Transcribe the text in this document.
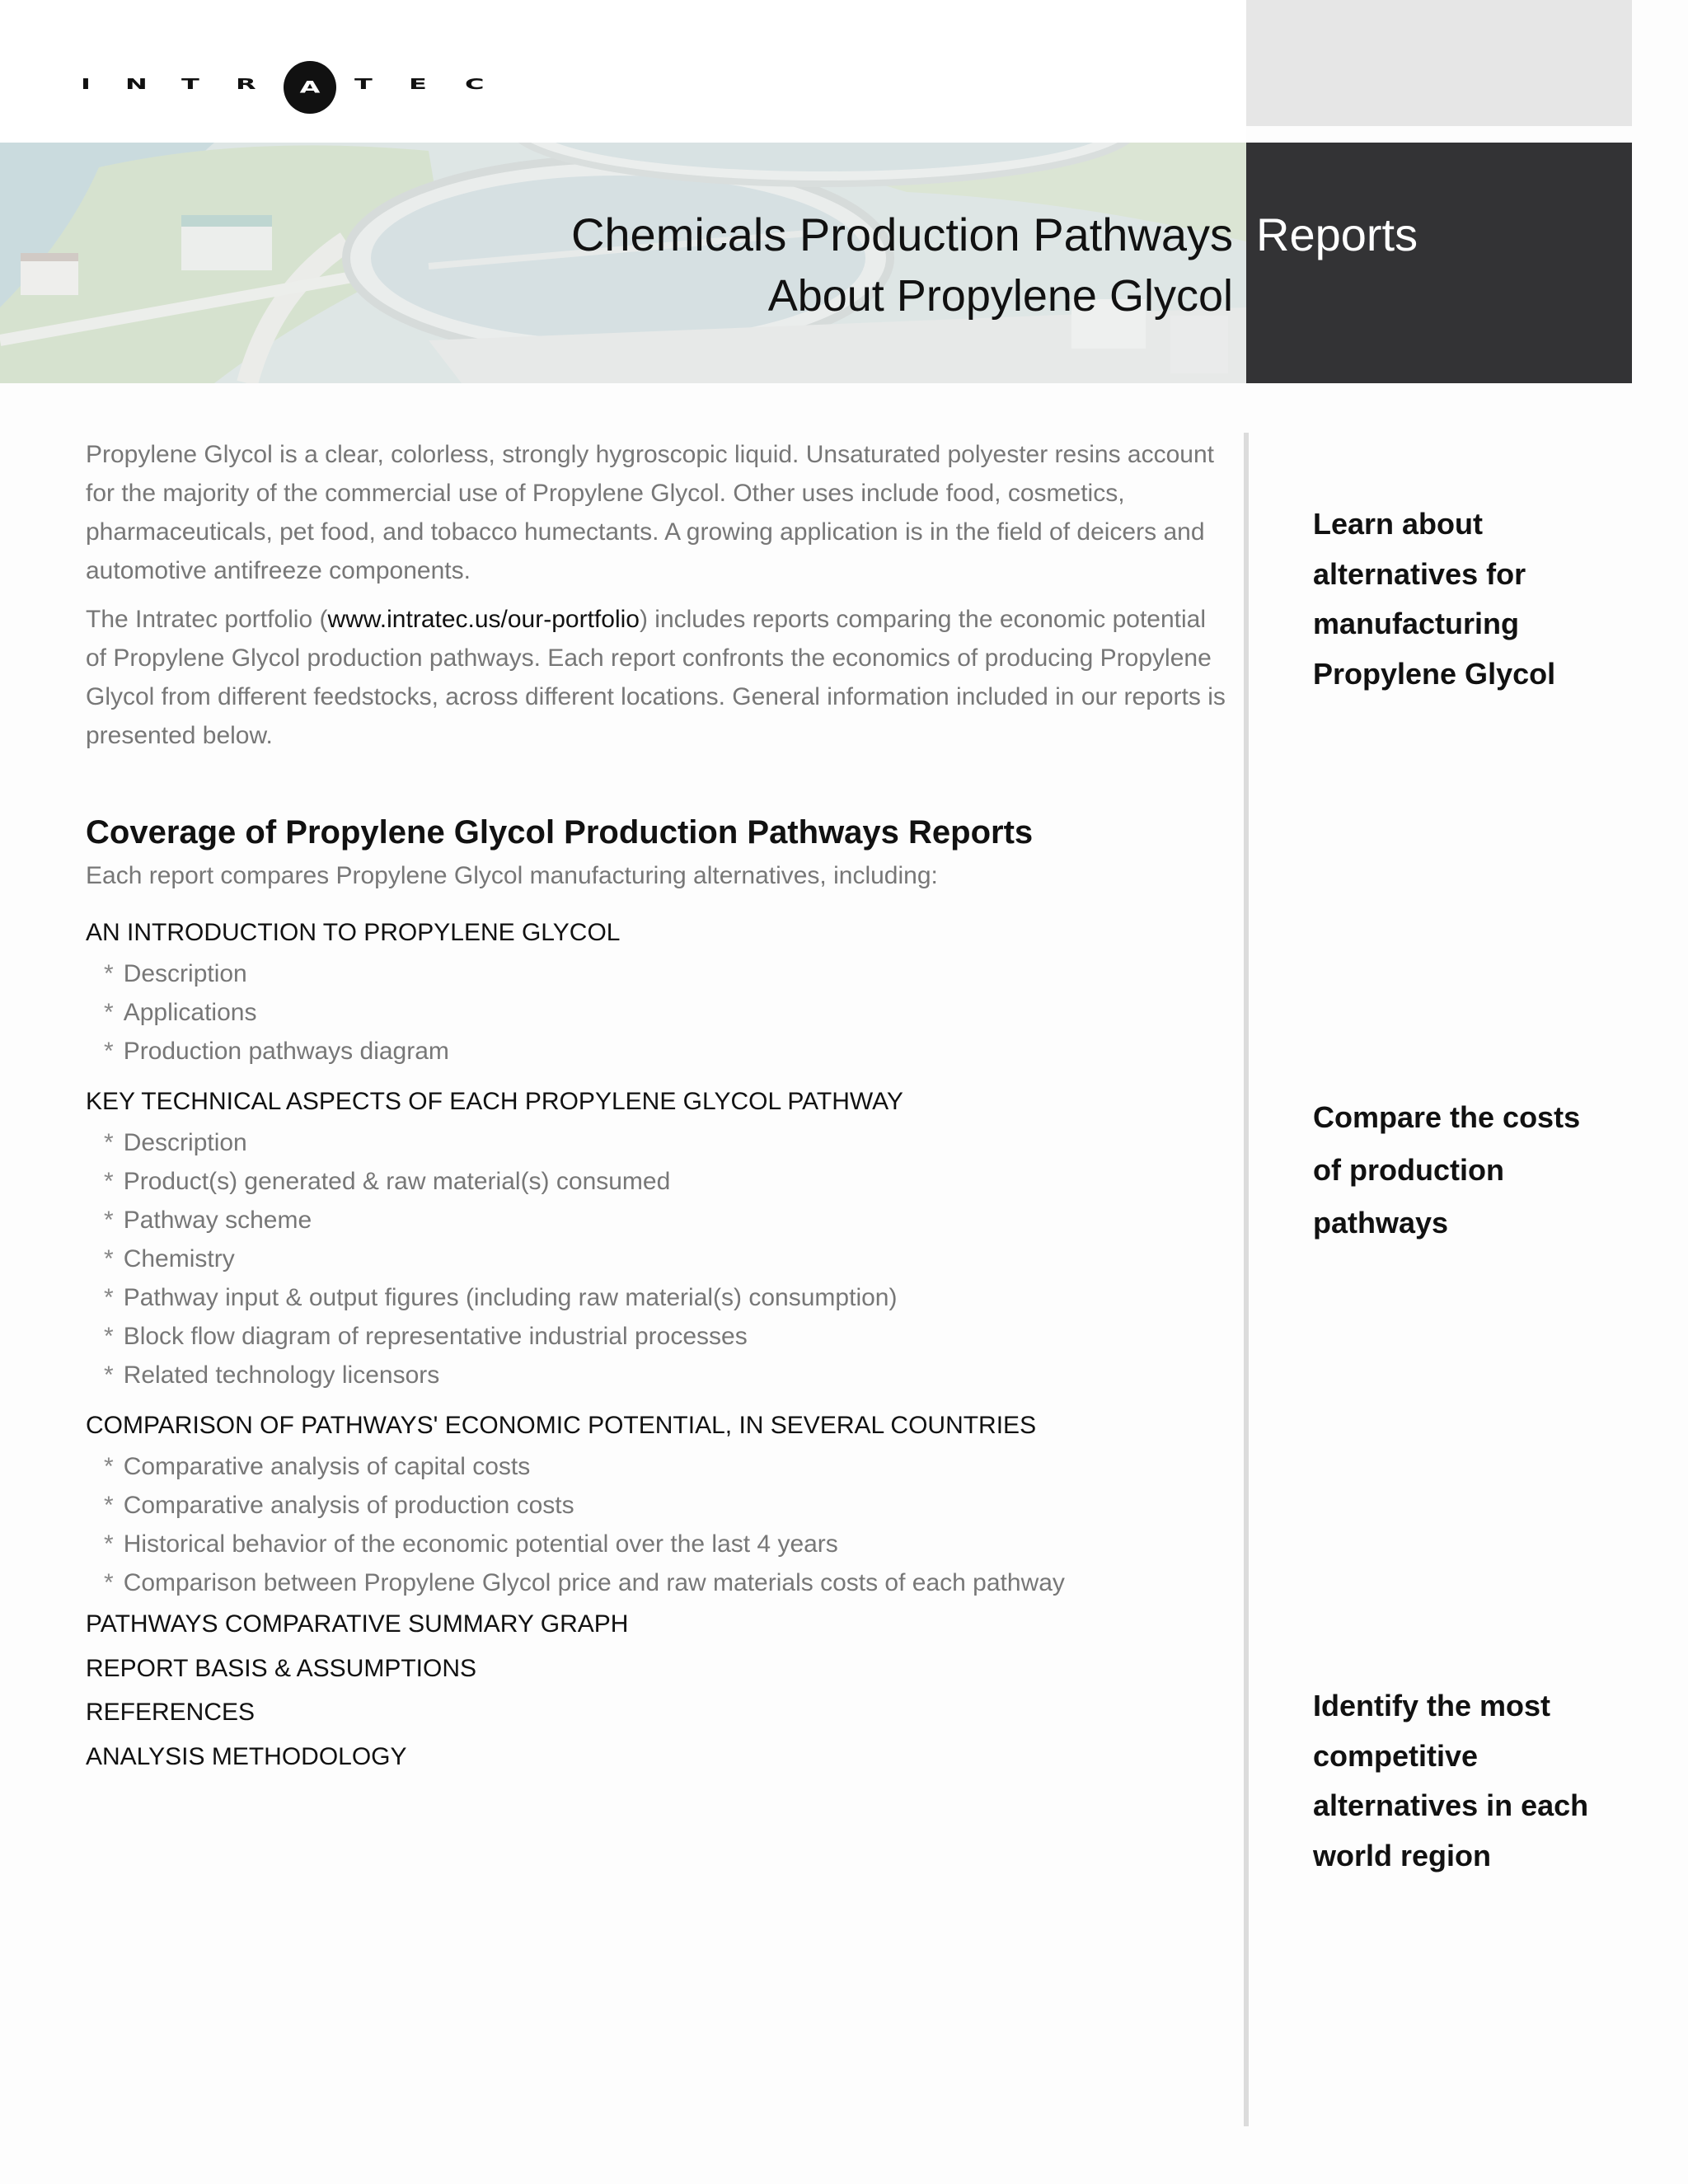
I N T R	A	T E C
Chemicals Production Pathways
About Propylene Glycol
Reports

Propylene Glycol is a clear, colorless, strongly hygroscopic liquid. Unsaturated polyester resins account for the majority of the commercial use of Propylene Glycol. Other uses include food, cosmetics, pharmaceuticals, pet food, and tobacco humectants. A growing application is in the field of deicers and automotive antifreeze components.

The Intratec portfolio (www.intratec.us/our-portfolio) includes reports comparing the economic potential of Propylene Glycol production pathways. Each report confronts the economics of producing Propylene Glycol from different feedstocks, across different locations. General information included in our reports is presented below.

Coverage of Propylene Glycol Production Pathways Reports
Each report compares Propylene Glycol manufacturing alternatives, including:
AN INTRODUCTION TO PROPYLENE GLYCOL
* Description
* Applications
* Production pathways diagram
KEY TECHNICAL ASPECTS OF EACH PROPYLENE GLYCOL PATHWAY
* Description
* Product(s) generated & raw material(s) consumed
* Pathway scheme
* Chemistry
* Pathway input & output figures (including raw material(s) consumption)
* Block flow diagram of representative industrial processes
* Related technology licensors
COMPARISON OF PATHWAYS' ECONOMIC POTENTIAL, IN SEVERAL COUNTRIES
* Comparative analysis of capital costs
* Comparative analysis of production costs
* Historical behavior of the economic potential over the last 4 years
* Comparison between Propylene Glycol price and raw materials costs of each pathway
PATHWAYS COMPARATIVE SUMMARY GRAPH
REPORT BASIS & ASSUMPTIONS
REFERENCES
ANALYSIS METHODOLOGY
Learn about alternatives for manufacturing Propylene Glycol
Compare the costs of production pathways
Identify the most competitive alternatives in each world region
